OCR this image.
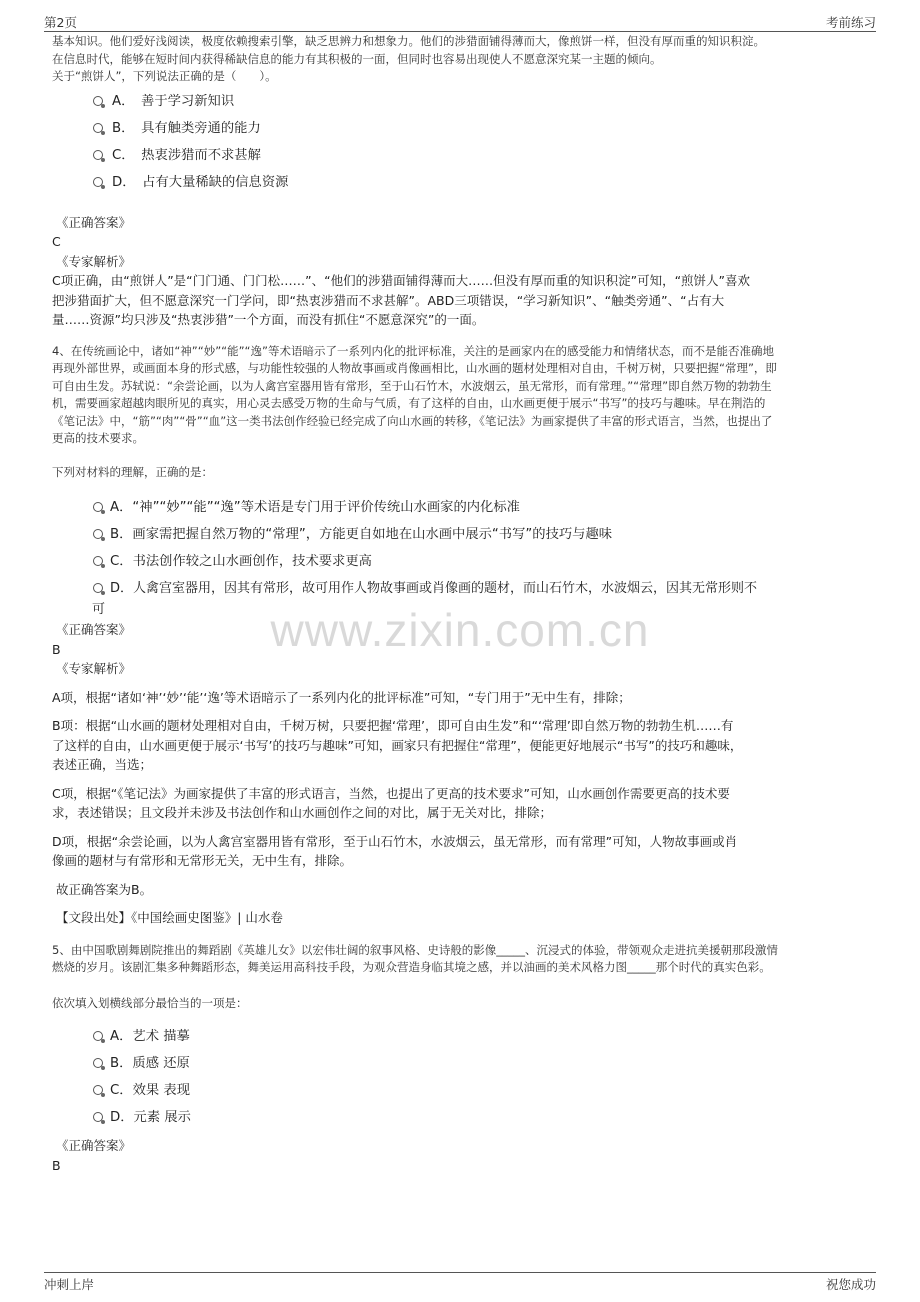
第2页	考前练习
www.zixin.com.cn

基本知识。他们爱好浅阅读，极度依赖搜索引擎，缺乏思辨力和想象力。他们的涉猎面铺得薄而大，像煎饼一样，但没有厚而重的知识积淀。

在信息时代，能够在短时间内获得稀缺信息的能力有其积极的一面，但同时也容易出现使人不愿意深究某一主题的倾向。

关于“煎饼人”，下列说法正确的是（　　）。

A．　善于学习新知识

B．　具有触类旁通的能力

C．　热衷涉猎而不求甚解

D．　占有大量稀缺的信息资源

《正确答案》

C

《专家解析》

C项正确，由“煎饼人”是“门门通、门门松……”、“他们的涉猎面铺得薄而大……但没有厚而重的知识积淀”可知，“煎饼人”喜欢

把涉猎面扩大，但不愿意深究一门学问，即“热衷涉猎而不求甚解”。ABD三项错误，“学习新知识”、“触类旁通”、“占有大

量……资源”均只涉及“热衷涉猎”一个方面，而没有抓住“不愿意深究”的一面。

4、在传统画论中，诸如“神”“妙”“能”“逸”等术语暗示了一系列内化的批评标准，关注的是画家内在的感受能力和情绪状态，而不是能否准确地

再现外部世界，或画面本身的形式感，与功能性较强的人物故事画或肖像画相比，山水画的题材处理相对自由，千树万树，只要把握“常理”，即

可自由生发。苏轼说：“余尝论画，以为人禽宫室器用皆有常形，至于山石竹木，水波烟云，虽无常形，而有常理。”“常理”即自然万物的勃勃生

机，需要画家超越肉眼所见的真实，用心灵去感受万物的生命与气质，有了这样的自由，山水画更便于展示“书写”的技巧与趣味。早在荆浩的

《笔记法》中，“筋”“肉”“骨”“血”这一类书法创作经验已经完成了向山水画的转移，《笔记法》为画家提供了丰富的形式语言，当然，也提出了

更高的技术要求。

下列对材料的理解，正确的是：

A．“神”“妙”“能”“逸”等术语是专门用于评价传统山水画家的内化标准

B．画家需把握自然万物的“常理”，方能更自如地在山水画中展示“书写”的技巧与趣味

C．书法创作较之山水画创作，技术要求更高

D．人禽宫室器用，因其有常形，故可用作人物故事画或肖像画的题材，而山石竹木，水波烟云，因其无常形则不

可

《正确答案》

B

《专家解析》

A项，根据“诸如‘神’‘妙’‘能’‘逸’等术语暗示了一系列内化的批评标准”可知，“专门用于”无中生有，排除；

B项：根据“山水画的题材处理相对自由，千树万树，只要把握‘常理’，即可自由生发”和“‘常理’即自然万物的勃勃生机……有

了这样的自由，山水画更便于展示‘书写’的技巧与趣味”可知，画家只有把握住“常理”，便能更好地展示“书写”的技巧和趣味，

表述正确，当选；

C项，根据“《笔记法》为画家提供了丰富的形式语言，当然，也提出了更高的技术要求”可知，山水画创作需要更高的技术要

求，表述错误；且文段并未涉及书法创作和山水画创作之间的对比，属于无关对比，排除；

D项，根据“余尝论画，以为人禽宫室器用皆有常形，至于山石竹木，水波烟云，虽无常形，而有常理”可知，人物故事画或肖

像画的题材与有常形和无常形无关，无中生有，排除。

故正确答案为B。

【文段出处】《中国绘画史图鉴》| 山水卷

5、由中国歌剧舞剧院推出的舞蹈剧《英雄儿女》以宏伟壮阔的叙事风格、史诗般的影像_____、沉浸式的体验，带领观众走进抗美援朝那段激情

燃烧的岁月。该剧汇集多种舞蹈形态，舞美运用高科技手段，为观众营造身临其境之感，并以油画的美术风格力图_____那个时代的真实色彩。

依次填入划横线部分最恰当的一项是：

A．艺术 描摹

B．质感 还原

C．效果 表现

D．元素 展示

《正确答案》

B

冲刺上岸	祝您成功
